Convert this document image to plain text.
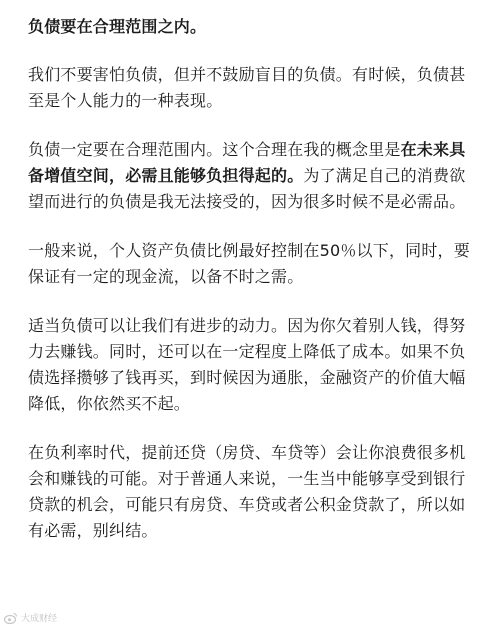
负债要在合理范围之内。
我们不要害怕负债，但并不鼓励盲目的负债。有时候，负债甚至是个人能力的一种表现。
负债一定要在合理范围内。这个合理在我的概念里是在未来具备增值空间，必需且能够负担得起的。为了满足自己的消费欲望而进行的负债是我无法接受的，因为很多时候不是必需品。
一般来说，个人资产负债比例最好控制在50％以下，同时，要保证有一定的现金流，以备不时之需。
适当负债可以让我们有进步的动力。因为你欠着别人钱，得努力去赚钱。同时，还可以在一定程度上降低了成本。如果不负债选择攒够了钱再买，到时候因为通胀，金融资产的价值大幅降低，你依然买不起。
在负利率时代，提前还贷（房贷、车贷等）会让你浪费很多机会和赚钱的可能。对于普通人来说，一生当中能够享受到银行贷款的机会，可能只有房贷、车贷或者公积金贷款了，所以如有必需，别纠结。
大成财经
